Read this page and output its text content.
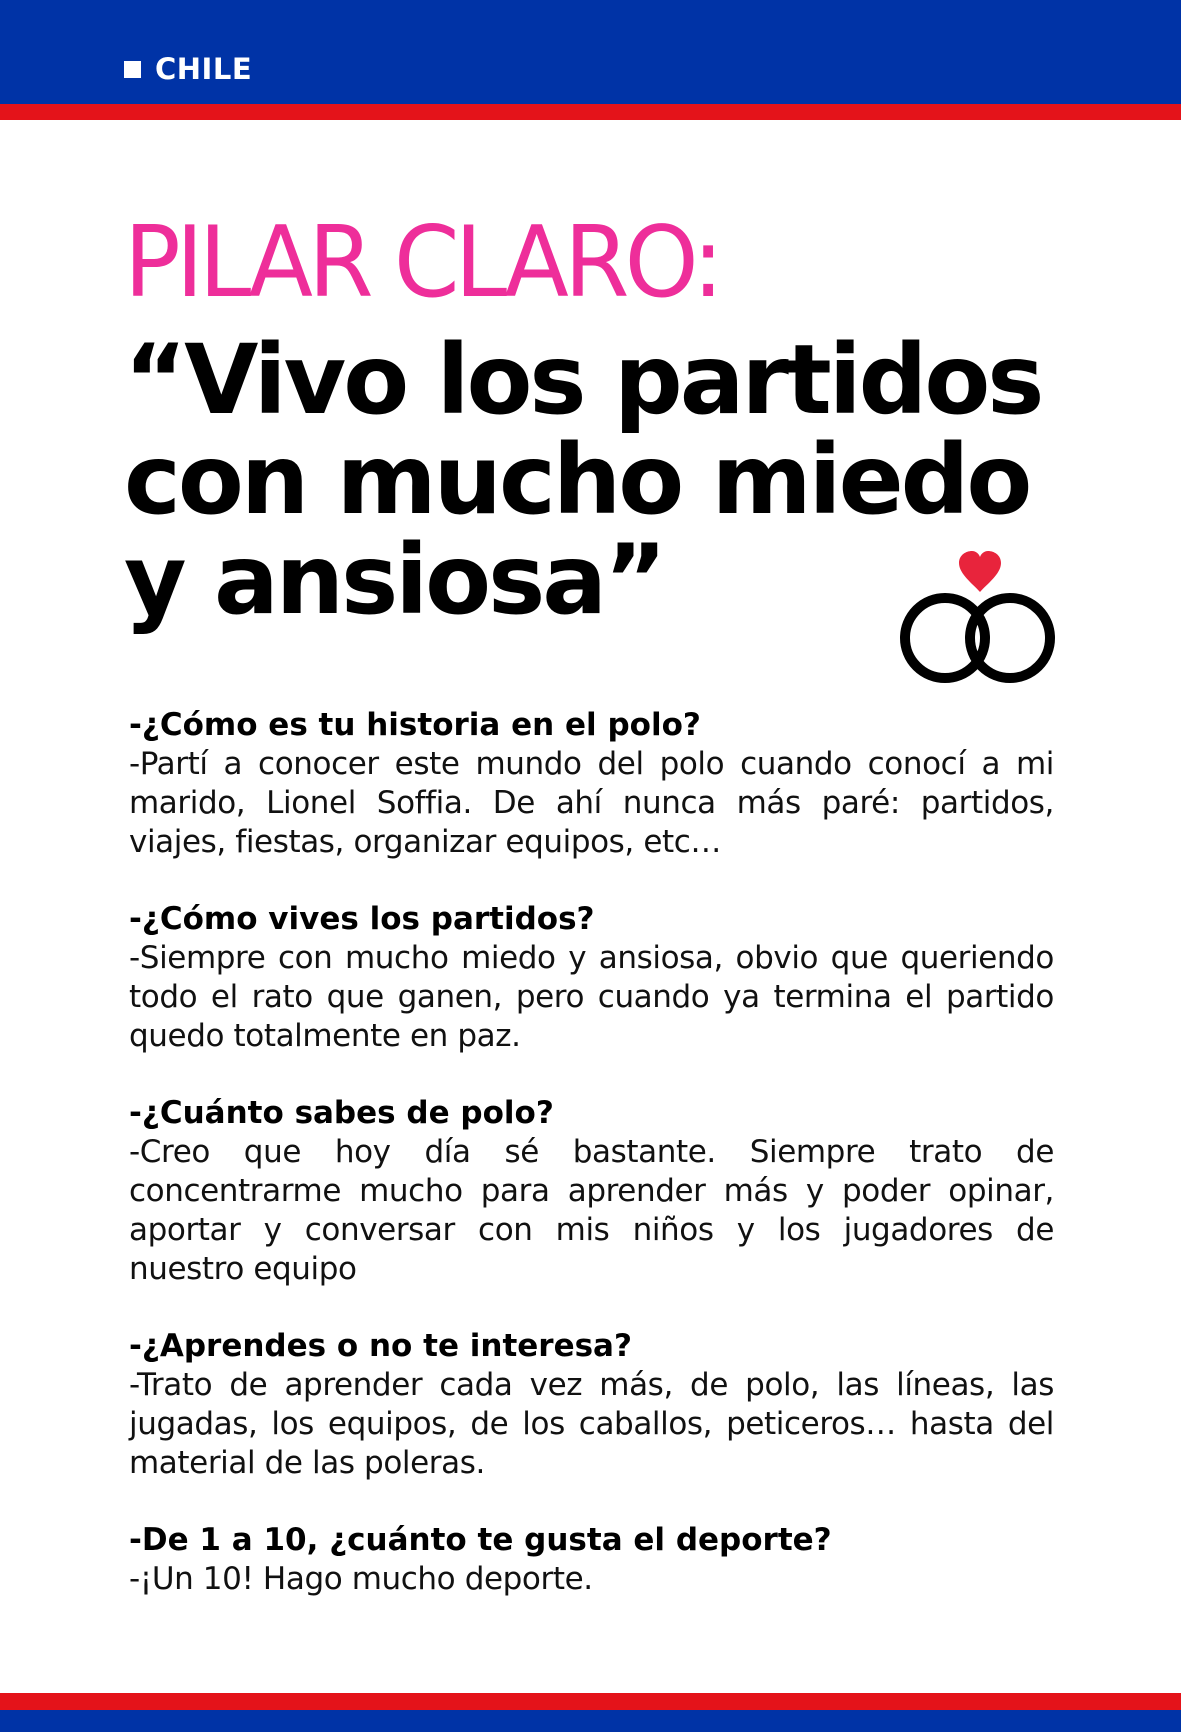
CHILE
PILAR CLARO:
“Vivo los partidos
con mucho miedo
y ansiosa”
-¿Cómo es tu historia en el polo?
-Partí a conocer este mundo del polo cuando conocí a mi marido, Lionel Soffia. De ahí nunca más paré: partidos, viajes, fiestas, organizar equipos, etc…
-¿Cómo vives los partidos?
-Siempre con mucho miedo y ansiosa, obvio que queriendo todo el rato que ganen, pero cuando ya termina el partido quedo totalmente en paz.
-¿Cuánto sabes de polo?
-Creo que hoy día sé bastante. Siempre trato de concentrarme mucho para aprender más y poder opinar, aportar y conversar con mis niños y los jugadores de nuestro equipo
-¿Aprendes o no te interesa?
-Trato de aprender cada vez más, de polo, las líneas, las jugadas, los equipos, de los caballos, peticeros… hasta del material de las poleras.
-De 1 a 10, ¿cuánto te gusta el deporte?
-¡Un 10! Hago mucho deporte.
